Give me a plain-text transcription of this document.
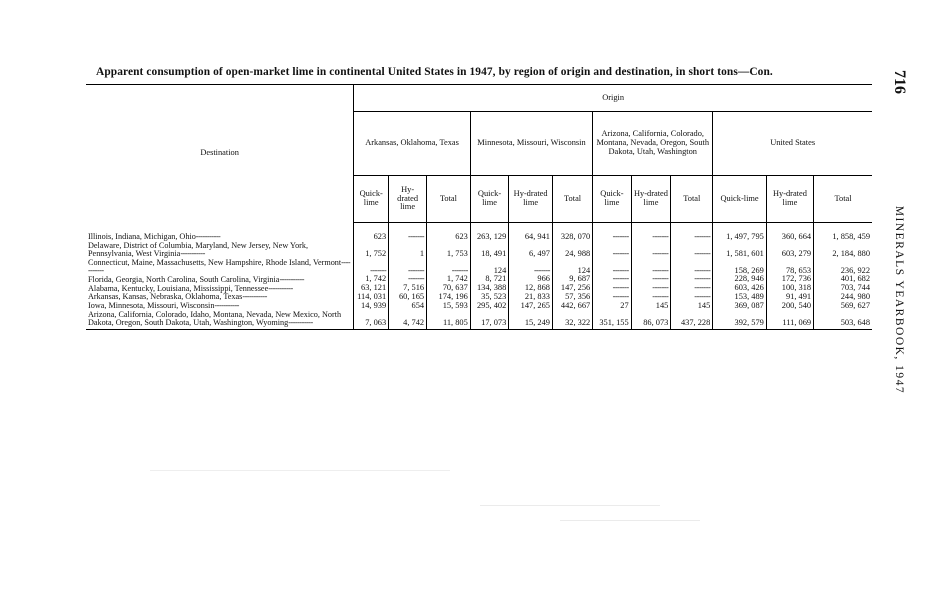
Apparent consumption of open-market lime in continental United States in 1947, by region of origin and destination, in short tons—Con.	716
MINERALS YEARBOOK, 1947
Destination	Origin											
	Arkansas, Oklahoma, Texas			Minnesota, Missouri, Wisconsin			Arizona, California, Colorado, Montana, Nevada, Oregon, South Dakota, Utah, Washington			United States		
	Quick-lime	Hy-drated lime	Total	Quick-lime	Hy-drated lime	Total	Quick-lime	Hy-drated lime	Total	Quick-lime	Hy-drated lime	Total
Illinois, Indiana, Michigan, Ohio-----------	623	-------	623	263, 129	64, 941	328, 070	-------	-------	-------	1, 497, 795	360, 664	1, 858, 459
Delaware, District of Columbia, Maryland, New Jersey, New York, Pennsylvania, West Virginia-----------	1, 752	1	1, 753	18, 491	6, 497	24, 988	-------	-------	-------	1, 581, 601	603, 279	2, 184, 880
Connecticut, Maine, Massachusetts, New Hampshire, Rhode Island, Vermont-----------	-------	-------	-------	124	-------	124	-------	-------	-------	158, 269	78, 653	236, 922
Florida, Georgia, North Carolina, South Carolina, Virginia-----------	1, 742	-------	1, 742	8, 721	966	9, 687	-------	-------	-------	228, 946	172, 736	401, 682
Alabama, Kentucky, Louisiana, Mississippi, Tennessee-----------	63, 121	7, 516	70, 637	134, 388	12, 868	147, 256	-------	-------	-------	603, 426	100, 318	703, 744
Arkansas, Kansas, Nebraska, Oklahoma, Texas-----------	114, 031	60, 165	174, 196	35, 523	21, 833	57, 356	-------	-------	-------	153, 489	91, 491	244, 980
Iowa, Minnesota, Missouri, Wisconsin-----------	14, 939	654	15, 593	295, 402	147, 265	442, 667	27	145	145	369, 087	200, 540	569, 627
Arizona, California, Colorado, Idaho, Montana, Nevada, New Mexico, North Dakota, Oregon, South Dakota, Utah, Washington, Wyoming-----------	7, 063	4, 742	11, 805	17, 073	15, 249	32, 322	351, 155	86, 073	437, 228	392, 579	111, 069	503, 648
